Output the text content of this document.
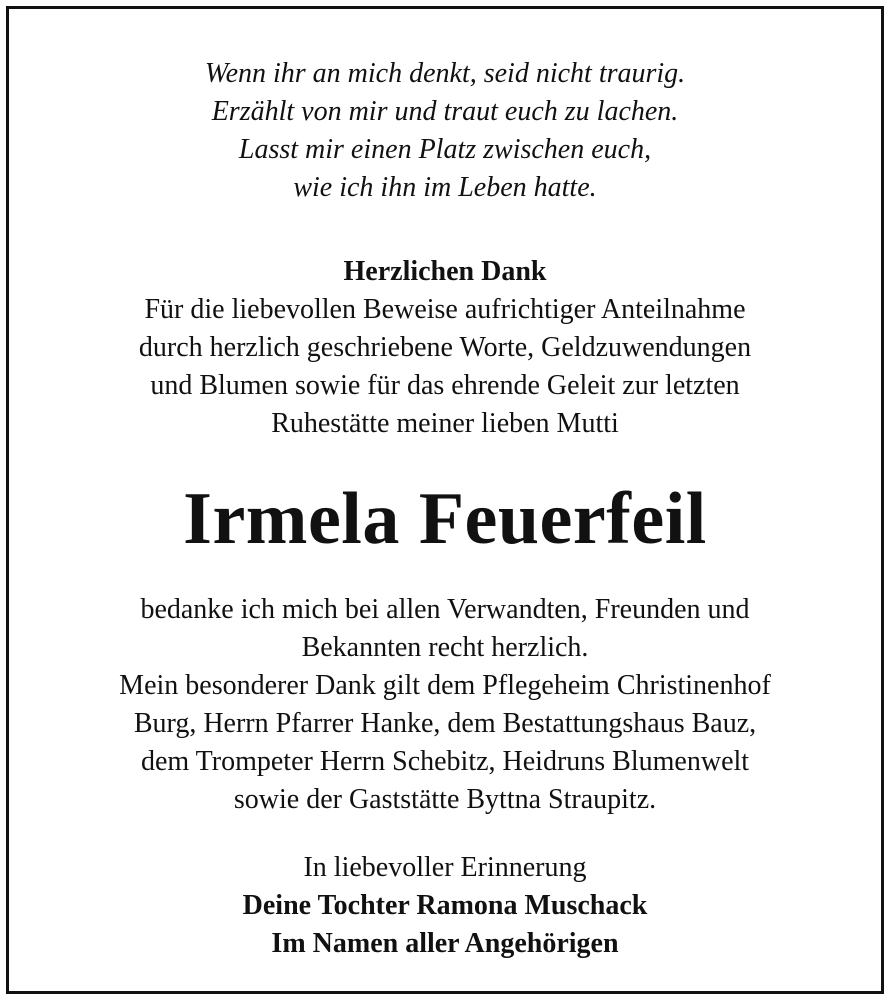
Wenn ihr an mich denkt, seid nicht traurig.
Erzählt von mir und traut euch zu lachen.
Lasst mir einen Platz zwischen euch,
wie ich ihn im Leben hatte.
Herzlichen Dank
Für die liebevollen Beweise aufrichtiger Anteilnahme
durch herzlich geschriebene Worte, Geldzuwendungen
und Blumen sowie für das ehrende Geleit zur letzten
Ruhestätte meiner lieben Mutti
Irmela Feuerfeil
bedanke ich mich bei allen Verwandten, Freunden und
Bekannten recht herzlich.
Mein besonderer Dank gilt dem Pflegeheim Christinenhof
Burg, Herrn Pfarrer Hanke, dem Bestattungshaus Bauz,
dem Trompeter Herrn Schebitz, Heidruns Blumenwelt
sowie der Gaststätte Byttna Straupitz.
In liebevoller Erinnerung
Deine Tochter Ramona Muschack
Im Namen aller Angehörigen
